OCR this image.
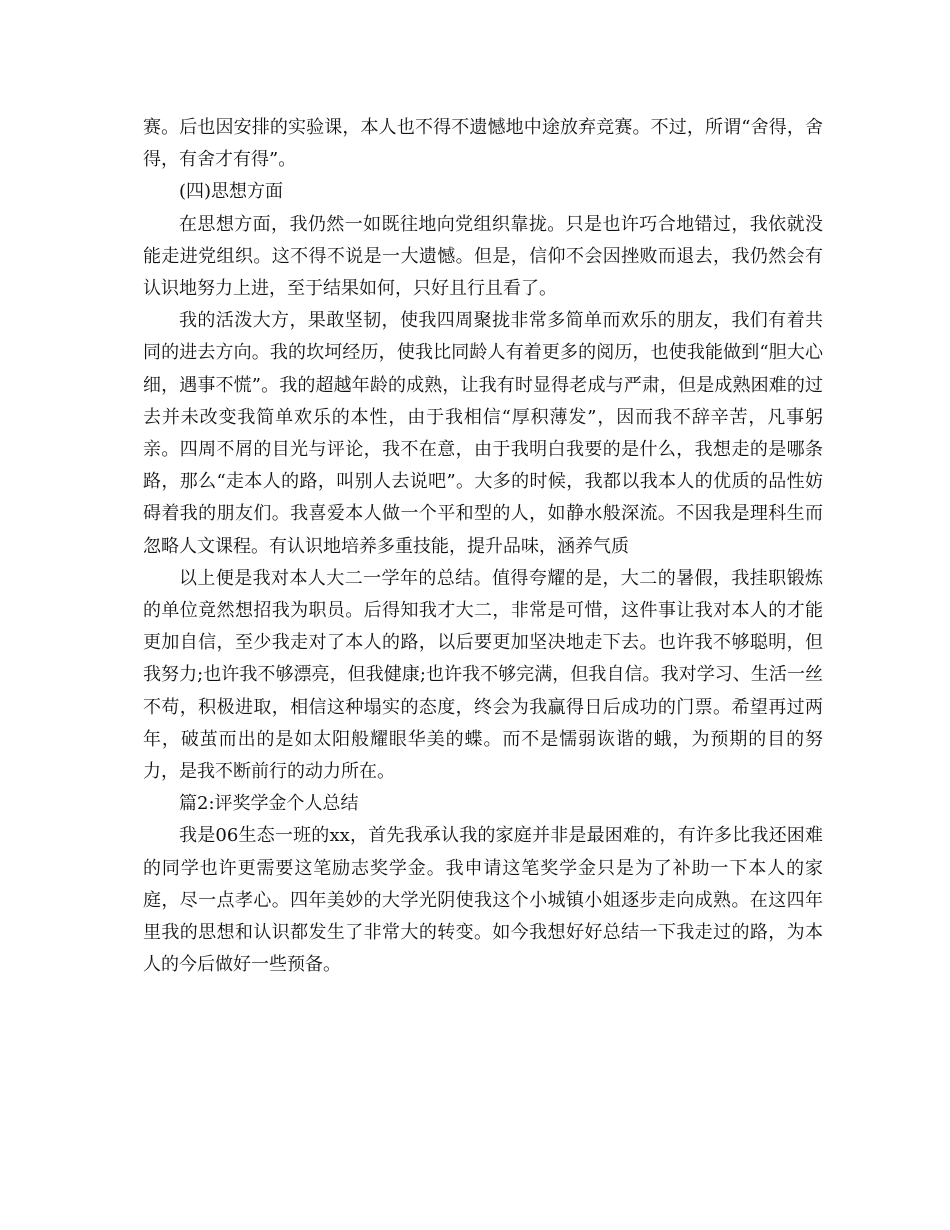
赛。后也因安排的实验课，本人也不得不遗憾地中途放弃竞赛。不过，所谓“舍得，舍得，有舍才有得”。

(四)思想方面

在思想方面，我仍然一如既往地向党组织靠拢。只是也许巧合地错过，我依就没能走进党组织。这不得不说是一大遗憾。但是，信仰不会因挫败而退去，我仍然会有认识地努力上进，至于结果如何，只好且行且看了。

我的活泼大方，果敢坚韧，使我四周聚拢非常多简单而欢乐的朋友，我们有着共同的进去方向。我的坎坷经历，使我比同龄人有着更多的阅历，也使我能做到“胆大心细，遇事不慌”。我的超越年龄的成熟，让我有时显得老成与严肃，但是成熟困难的过去并未改变我简单欢乐的本性，由于我相信“厚积薄发”，因而我不辞辛苦，凡事躬亲。四周不屑的目光与评论，我不在意，由于我明白我要的是什么，我想走的是哪条路，那么“走本人的路，叫别人去说吧”。大多的时候，我都以我本人的优质的品性妨碍着我的朋友们。我喜爱本人做一个平和型的人，如静水般深流。不因我是理科生而忽略人文课程。有认识地培养多重技能，提升品味，涵养气质

以上便是我对本人大二一学年的总结。值得夸耀的是，大二的暑假，我挂职锻炼的单位竟然想招我为职员。后得知我才大二，非常是可惜，这件事让我对本人的才能更加自信，至少我走对了本人的路，以后要更加坚决地走下去。也许我不够聪明，但我努力;也许我不够漂亮，但我健康;也许我不够完满，但我自信。我对学习、生活一丝不苟，积极进取，相信这种塌实的态度，终会为我赢得日后成功的门票。希望再过两年，破茧而出的是如太阳般耀眼华美的蝶。而不是懦弱诙谐的蛾，为预期的目的努力，是我不断前行的动力所在。

篇2:评奖学金个人总结

我是06生态一班的xx，首先我承认我的家庭并非是最困难的，有许多比我还困难的同学也许更需要这笔励志奖学金。我申请这笔奖学金只是为了补助一下本人的家庭，尽一点孝心。四年美妙的大学光阴使我这个小城镇小姐逐步走向成熟。在这四年里我的思想和认识都发生了非常大的转变。如今我想好好总结一下我走过的路，为本人的今后做好一些预备。
